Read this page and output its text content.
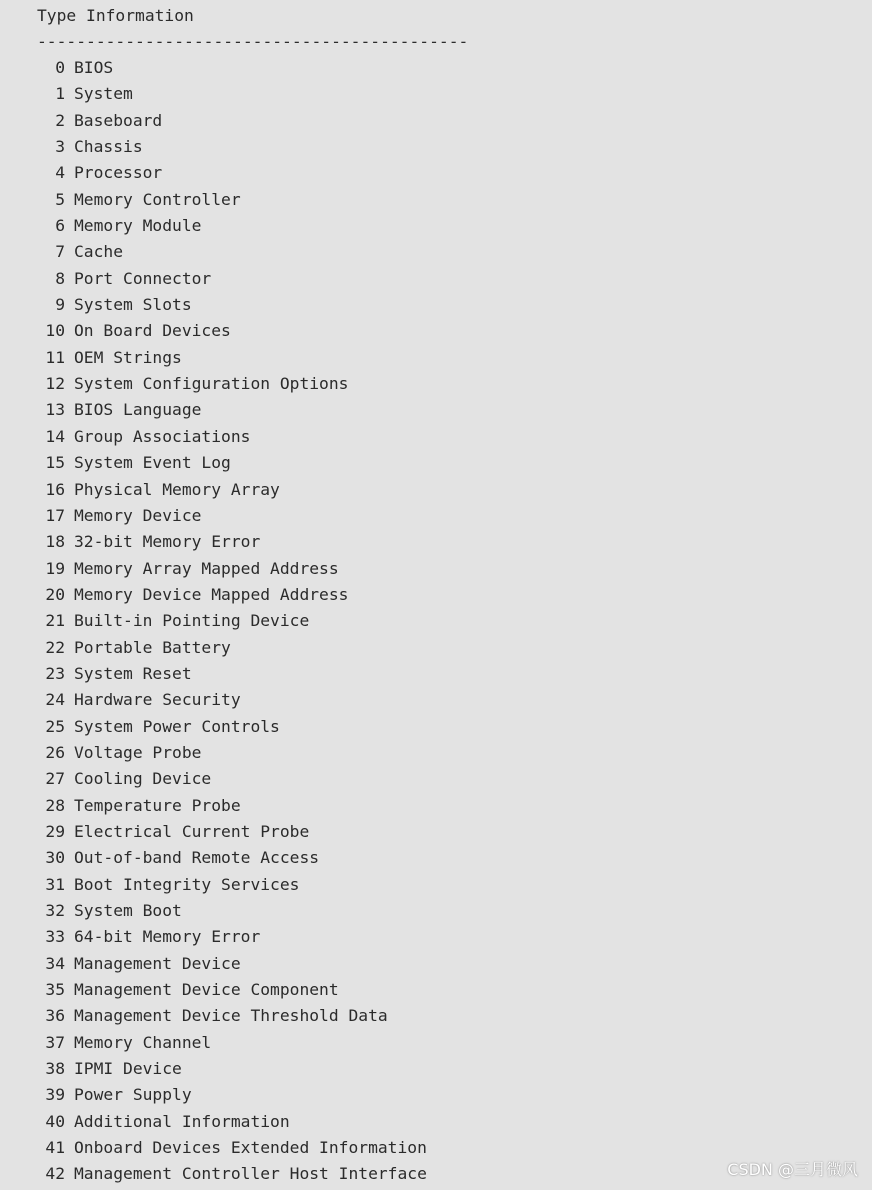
Type Information

--------------------------------------------

0 BIOS
1 System
2 Baseboard
3 Chassis
4 Processor
5 Memory Controller
6 Memory Module
7 Cache
8 Port Connector
9 System Slots
10 On Board Devices
11 OEM Strings
12 System Configuration Options
13 BIOS Language
14 Group Associations
15 System Event Log
16 Physical Memory Array
17 Memory Device
18 32-bit Memory Error
19 Memory Array Mapped Address
20 Memory Device Mapped Address
21 Built-in Pointing Device
22 Portable Battery
23 System Reset
24 Hardware Security
25 System Power Controls
26 Voltage Probe
27 Cooling Device
28 Temperature Probe
29 Electrical Current Probe
30 Out-of-band Remote Access
31 Boot Integrity Services
32 System Boot
33 64-bit Memory Error
34 Management Device
35 Management Device Component
36 Management Device Threshold Data
37 Memory Channel
38 IPMI Device
39 Power Supply
40 Additional Information
41 Onboard Devices Extended Information
42 Management Controller Host Interface	CSDN @三月微风
